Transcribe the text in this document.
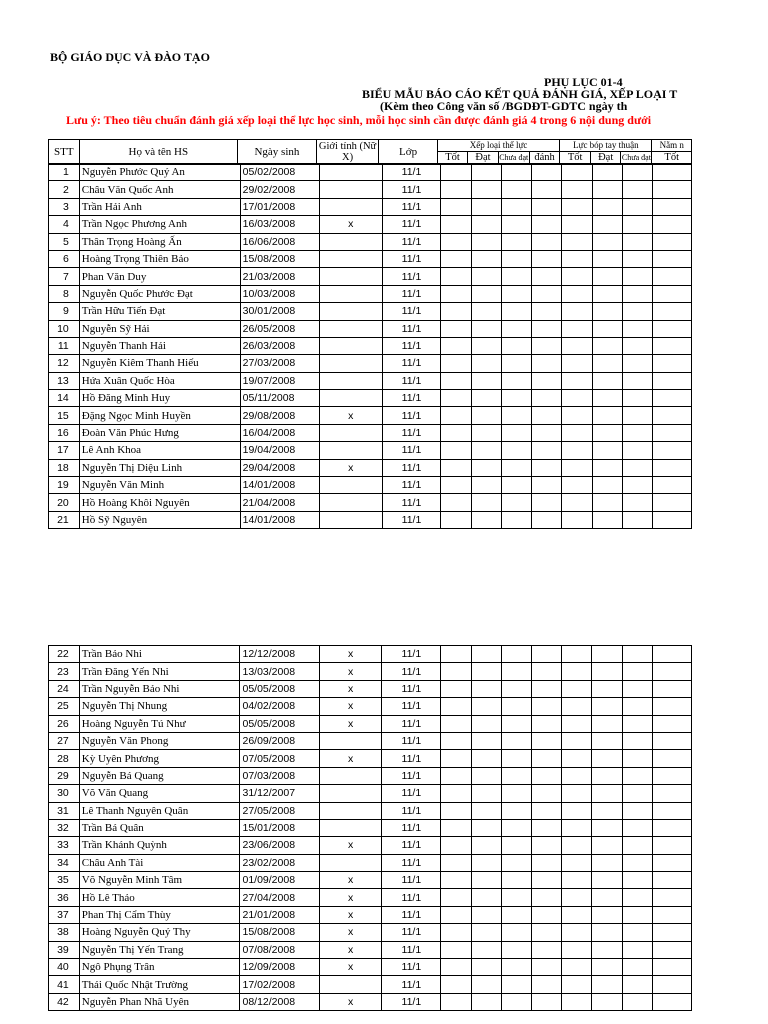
BỘ GIÁO DỤC VÀ ĐÀO TẠO
PHỤ LỤC 01-4
BIỂU MẪU BÁO CÁO KẾT QUẢ ĐÁNH GIÁ, XẾP LOẠI T
(Kèm theo Công văn số /BGDĐT-GDTC ngày th
Lưu ý: Theo tiêu chuẩn đánh giá xếp loại thể lực học sinh, mỗi học sinh cần được đánh giá 4 trong 6 nội dung dưới
STT	Họ và tên HS	Ngày sinh	Giới tính (Nữ X)	Lớp	Xếp loại thể lực				Lực bóp tay thuận			Nằm n
					Tốt	Đạt	Chưa đạt	đánh	Tốt	Đạt	Chưa đạt	Tốt
1	Nguyễn Phước Quý An	05/02/2008		11/1								
2	Châu Văn Quốc Anh	29/02/2008		11/1								
3	Trần Hải Anh	17/01/2008		11/1								
4	Trần Ngọc Phương Anh	16/03/2008	x	11/1								
5	Thân Trọng Hoàng Ấn	16/06/2008		11/1								
6	Hoàng Trọng Thiên Bảo	15/08/2008		11/1								
7	Phan Văn Duy	21/03/2008		11/1								
8	Nguyễn Quốc Phước Đạt	10/03/2008		11/1								
9	Trần Hữu Tiến Đạt	30/01/2008		11/1								
10	Nguyễn Sỹ Hải	26/05/2008		11/1								
11	Nguyễn Thanh Hải	26/03/2008		11/1								
12	Nguyễn Kiêm Thanh Hiếu	27/03/2008		11/1								
13	Hứa Xuân Quốc Hòa	19/07/2008		11/1								
14	Hồ Đăng Minh Huy	05/11/2008		11/1								
15	Đặng Ngọc Minh Huyền	29/08/2008	x	11/1								
16	Đoàn Văn Phúc Hưng	16/04/2008		11/1								
17	Lê Anh Khoa	19/04/2008		11/1								
18	Nguyễn Thị Diệu Linh	29/04/2008	x	11/1								
19	Nguyễn Văn Minh	14/01/2008		11/1								
20	Hồ Hoàng Khôi Nguyên	21/04/2008		11/1								
21	Hồ Sỹ Nguyên	14/01/2008		11/1								
22	Trần Bảo Nhi	12/12/2008	x	11/1								
23	Trần Đăng Yến Nhi	13/03/2008	x	11/1								
24	Trần Nguyễn Bảo Nhi	05/05/2008	x	11/1								
25	Nguyễn Thị Nhung	04/02/2008	x	11/1								
26	Hoàng Nguyễn Tú Như	05/05/2008	x	11/1								
27	Nguyễn Văn Phong	26/09/2008		11/1								
28	Kỳ Uyên Phương	07/05/2008	x	11/1								
29	Nguyễn Bá Quang	07/03/2008		11/1								
30	Võ Văn Quang	31/12/2007		11/1								
31	Lê Thanh Nguyên Quân	27/05/2008		11/1								
32	Trần Bá Quân	15/01/2008		11/1								
33	Trần Khánh Quỳnh	23/06/2008	x	11/1								
34	Châu Anh Tài	23/02/2008		11/1								
35	Võ Nguyễn Minh Tâm	01/09/2008	x	11/1								
36	Hồ Lê Thảo	27/04/2008	x	11/1								
37	Phan Thị Cẩm Thùy	21/01/2008	x	11/1								
38	Hoàng Nguyễn Quý Thy	15/08/2008	x	11/1								
39	Nguyễn Thị Yến Trang	07/08/2008	x	11/1								
40	Ngô Phụng Trân	12/09/2008	x	11/1								
41	Thái Quốc Nhật Trường	17/02/2008		11/1								
42	Nguyễn Phan Nhã Uyên	08/12/2008	x	11/1								
